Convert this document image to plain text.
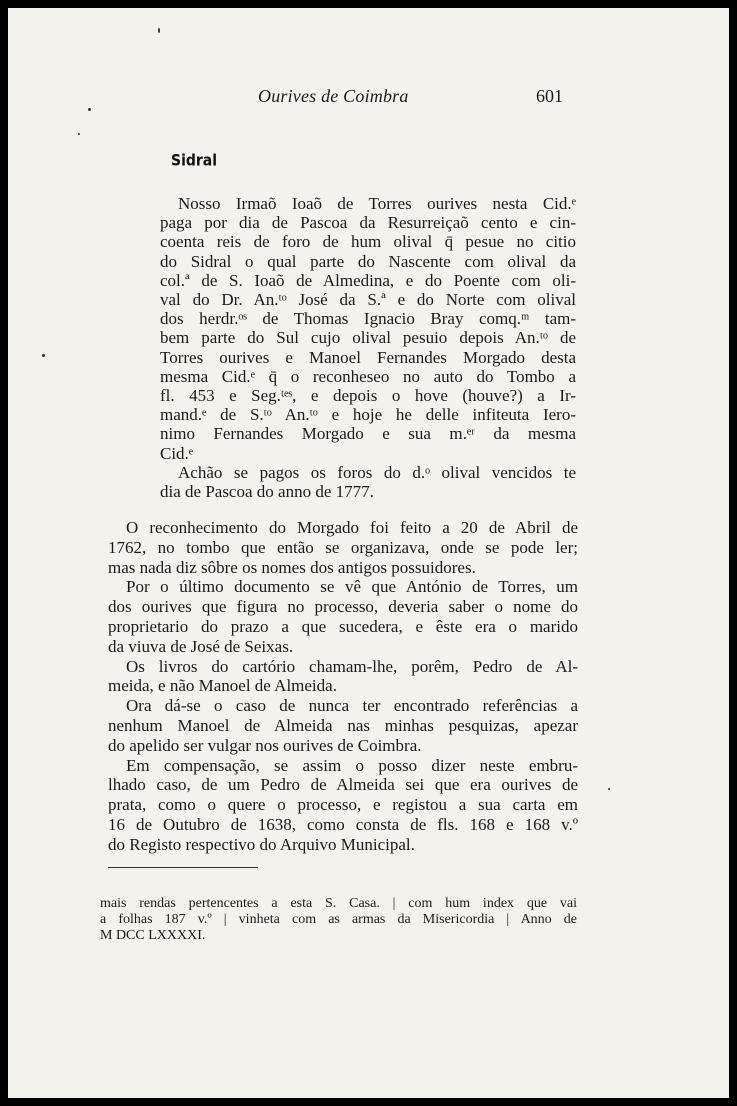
Ourives de Coimbra	601
Sidral
Nosso Irmaõ Ioaõ de Torres ourives nesta Cid.ᵉ
paga por dia de Pascoa da Resurreiçaõ cento e cin-
coenta reis de foro de hum olival q̄ pesue no citio
do Sidral o qual parte do Nascente com olival da
col.ª de S. Ioaõ de Almedina, e do Poente com oli-
val do Dr. An.ᵗᵒ José da S.ª e do Norte com olival
dos herdr.ᵒˢ de Thomas Ignacio Bray comq.ᵐ tam-
bem parte do Sul cujo olival pesuio depois An.ᵗᵒ de
Torres ourives e Manoel Fernandes Morgado desta
mesma Cid.ᵉ q̄ o reconheseo no auto do Tombo a
fl. 453 e Seg.ᵗᵉˢ, e depois o hove (houve?) a Ir-
mand.ᵉ de S.ᵗᵒ An.ᵗᵒ e hoje he delle infiteuta Iero-
nimo Fernandes Morgado e sua m.ᵉʳ da mesma
Cid.ᵉ
Achão se pagos os foros do d.ᵒ olival vencidos te
dia de Pascoa do anno de 1777.
O reconhecimento do Morgado foi feito a 20 de Abril de
1762, no tombo que então se organizava, onde se pode ler;
mas nada diz sôbre os nomes dos antigos possuidores.
Por o último documento se vê que António de Torres, um
dos ourives que figura no processo, deveria saber o nome do
proprietario do prazo a que sucedera, e êste era o marido
da viuva de José de Seixas.
Os livros do cartório chamam-lhe, porêm, Pedro de Al-
meida, e não Manoel de Almeida.
Ora dá-se o caso de nunca ter encontrado referências a
nenhum Manoel de Almeida nas minhas pesquizas, apezar
do apelido ser vulgar nos ourives de Coimbra.
Em compensação, se assim o posso dizer neste embru-
lhado caso, de um Pedro de Almeida sei que era ourives de
prata, como o quere o processo, e registou a sua carta em
16 de Outubro de 1638, como consta de fls. 168 e 168 v.º
do Registo respectivo do Arquivo Municipal.
mais rendas pertencentes a esta S. Casa. | com hum index que vai
a folhas 187 v.º | vinheta com as armas da Misericordia | Anno de
M DCC LXXXXI.
